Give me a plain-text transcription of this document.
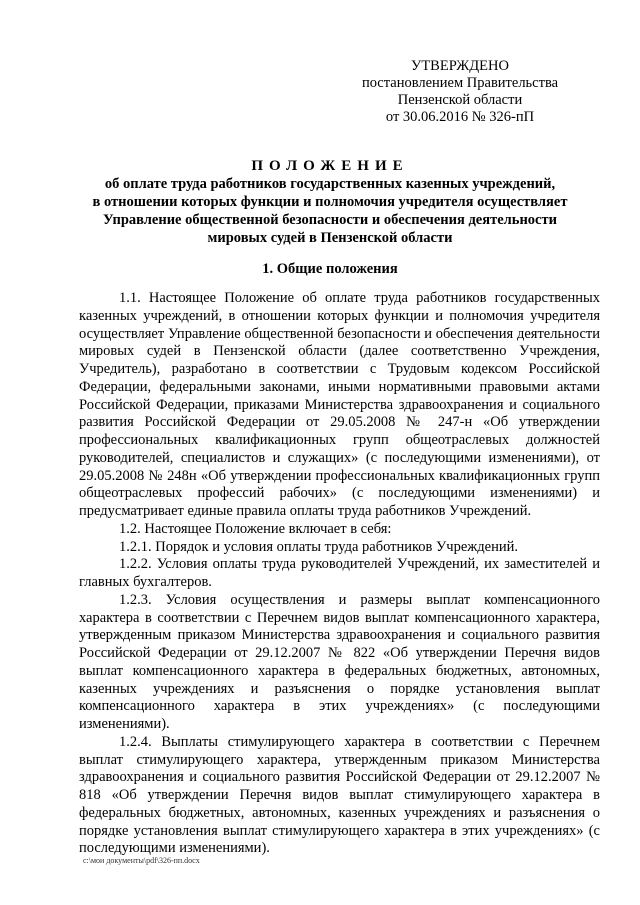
УТВЕРЖДЕНО
постановлением Правительства
Пензенской области
от 30.06.2016 № 326-пП
ПОЛОЖЕНИЕ
об оплате труда работников государственных казенных учреждений,
в отношении которых функции и полномочия учредителя осуществляет
Управление общественной безопасности и обеспечения деятельности
мировых судей в Пензенской области
1. Общие положения

1.1. Настоящее Положение об оплате труда работников государственных казенных учреждений, в отношении которых функции и полномочия учредителя осуществляет Управление общественной безопасности и обеспечения деятельности мировых судей в Пензенской области (далее соответственно Учреждения, Учредитель), разработано в соответствии с Трудовым кодексом Российской Федерации, федеральными законами, иными нормативными правовыми актами Российской Федерации, приказами Министерства здравоохранения и социального развития Российской Федерации от 29.05.2008 № 247-н «Об утверждении профессиональных квалификационных групп общеотраслевых должностей руководителей, специалистов и служащих» (с последующими изменениями), от 29.05.2008 № 248н «Об утверждении профессиональных квалификационных групп общеотраслевых профессий рабочих» (с последующими изменениями) и предусматривает единые правила оплаты труда работников Учреждений.

1.2. Настоящее Положение включает в себя:

1.2.1. Порядок и условия оплаты труда работников Учреждений.

1.2.2. Условия оплаты труда руководителей Учреждений, их заместителей и главных бухгалтеров.

1.2.3. Условия осуществления и размеры выплат компенсационного характера в соответствии с Перечнем видов выплат компенсационного характера, утвержденным приказом Министерства здравоохранения и социального развития Российской Федерации от 29.12.2007 № 822 «Об утверждении Перечня видов выплат компенсационного характера в федеральных бюджетных, автономных, казенных учреждениях и разъяснения о порядке установления выплат компенсационного характера в этих учреждениях» (с последующими изменениями).

1.2.4. Выплаты стимулирующего характера в соответствии с Перечнем выплат стимулирующего характера, утвержденным приказом Министерства здравоохранения и социального развития Российской Федерации от 29.12.2007 № 818 «Об утверждении Перечня видов выплат стимулирующего характера в федеральных бюджетных, автономных, казенных учреждениях и разъяснения о порядке установления выплат стимулирующего характера в этих учреждениях» (с последующими изменениями).

c:\мои документы\pdf\326-пп.docx
